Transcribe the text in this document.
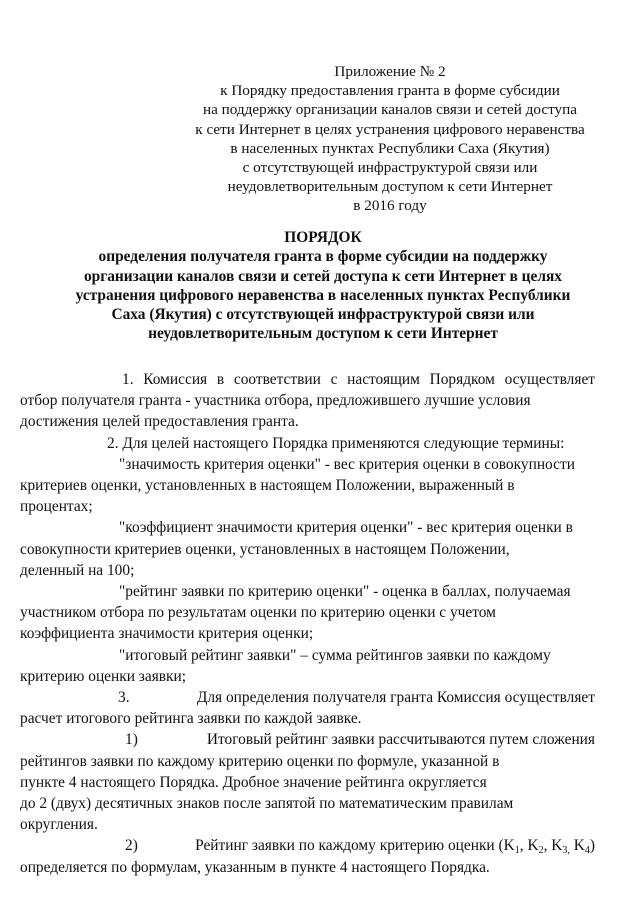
Приложение № 2
к Порядку предоставления гранта в форме субсидии
на поддержку организации каналов связи и сетей доступа
к сети Интернет в целях устранения цифрового неравенства
в населенных пунктах Республики Саха (Якутия)
с отсутствующей инфраструктурой связи или
неудовлетворительным доступом к сети Интернет
в 2016 году
ПОРЯДОК
определения получателя гранта в форме субсидии на поддержку
организации каналов связи и сетей доступа к сети Интернет в целях
устранения цифрового неравенства в населенных пунктах Республики
Саха (Якутия) с отсутствующей инфраструктурой связи или
неудовлетворительным доступом к сети Интернет
1. Комиссия в соответствии с настоящим Порядком осуществляет
отбор получателя гранта - участника отбора, предложившего лучшие условия
достижения целей предоставления гранта.
2. Для целей настоящего Порядка применяются следующие термины:
"значимость критерия оценки" - вес критерия оценки в совокупности
критериев оценки, установленных в настоящем Положении, выраженный в
процентах;
"коэффициент значимости критерия оценки" - вес критерия оценки в
совокупности критериев оценки, установленных в настоящем Положении,
деленный на 100;
"рейтинг заявки по критерию оценки" - оценка в баллах, получаемая
участником отбора по результатам оценки по критерию оценки с учетом
коэффициента значимости критерия оценки;
"итоговый рейтинг заявки" – сумма рейтингов заявки по каждому
критерию оценки заявки;
3.	Для определения получателя гранта Комиссия осуществляет
расчет итогового рейтинга заявки по каждой заявке.
1)	Итоговый рейтинг заявки рассчитываются путем сложения
рейтингов заявки по каждому критерию оценки по формуле, указанной в
пункте 4 настоящего Порядка. Дробное значение рейтинга округляется
до 2 (двух) десятичных знаков после запятой по математическим правилам
округления.
2)	Рейтинг заявки по каждому критерию оценки ($K_1$, $K_2$, $K_{3,}$ $K_4$)
определяется по формулам, указанным в пункте 4 настоящего Порядка.
